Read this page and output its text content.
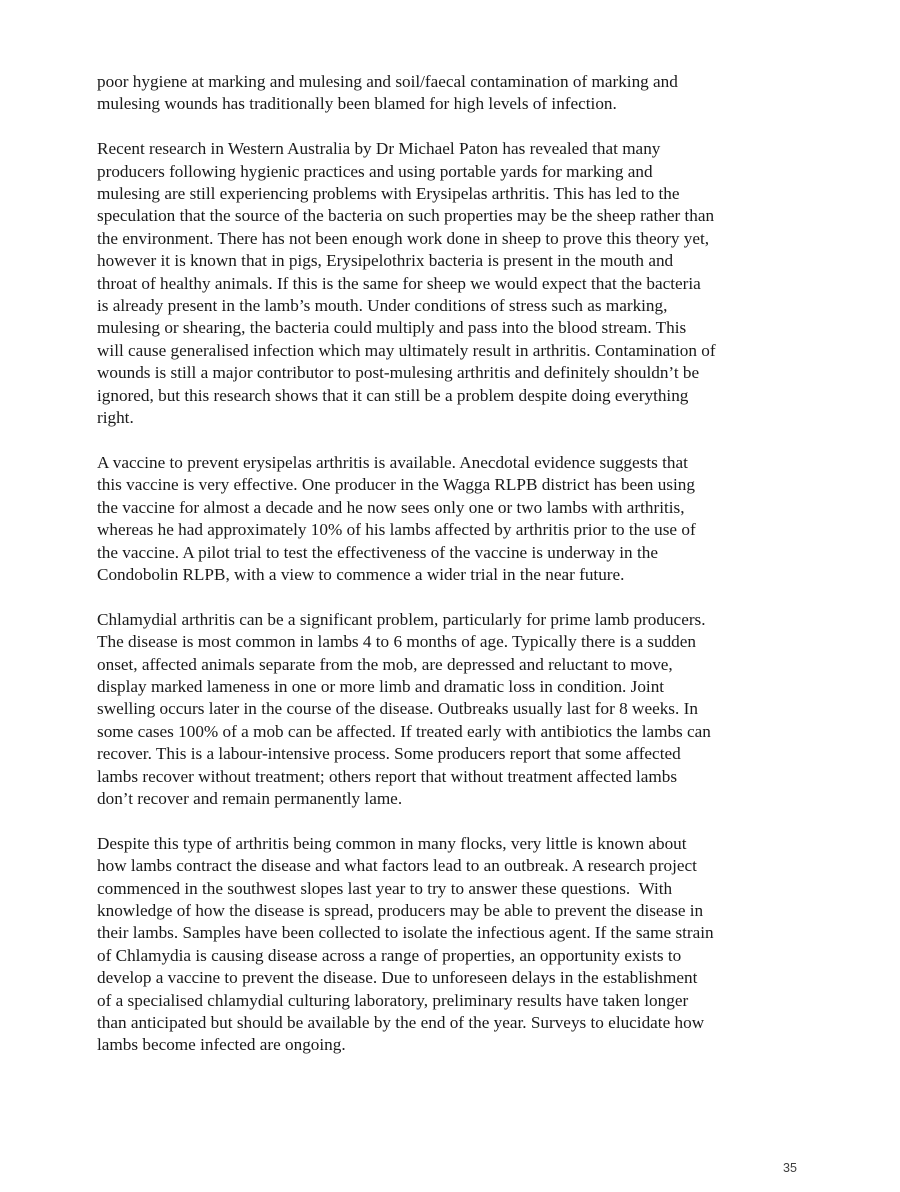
poor hygiene at marking and mulesing and soil/faecal contamination of marking and
mulesing wounds has traditionally been blamed for high levels of infection.
Recent research in Western Australia by Dr Michael Paton has revealed that many
producers following hygienic practices and using portable yards for marking and
mulesing are still experiencing problems with Erysipelas arthritis. This has led to the
speculation that the source of the bacteria on such properties may be the sheep rather than
the environment. There has not been enough work done in sheep to prove this theory yet,
however it is known that in pigs, Erysipelothrix bacteria is present in the mouth and
throat of healthy animals. If this is the same for sheep we would expect that the bacteria
is already present in the lamb’s mouth. Under conditions of stress such as marking,
mulesing or shearing, the bacteria could multiply and pass into the blood stream. This
will cause generalised infection which may ultimately result in arthritis. Contamination of
wounds is still a major contributor to post-mulesing arthritis and definitely shouldn’t be
ignored, but this research shows that it can still be a problem despite doing everything
right.
A vaccine to prevent erysipelas arthritis is available. Anecdotal evidence suggests that
this vaccine is very effective. One producer in the Wagga RLPB district has been using
the vaccine for almost a decade and he now sees only one or two lambs with arthritis,
whereas he had approximately 10% of his lambs affected by arthritis prior to the use of
the vaccine. A pilot trial to test the effectiveness of the vaccine is underway in the
Condobolin RLPB, with a view to commence a wider trial in the near future.
Chlamydial arthritis can be a significant problem, particularly for prime lamb producers.
The disease is most common in lambs 4 to 6 months of age. Typically there is a sudden
onset, affected animals separate from the mob, are depressed and reluctant to move,
display marked lameness in one or more limb and dramatic loss in condition. Joint
swelling occurs later in the course of the disease. Outbreaks usually last for 8 weeks. In
some cases 100% of a mob can be affected. If treated early with antibiotics the lambs can
recover. This is a labour-intensive process. Some producers report that some affected
lambs recover without treatment; others report that without treatment affected lambs
don’t recover and remain permanently lame.
Despite this type of arthritis being common in many flocks, very little is known about
how lambs contract the disease and what factors lead to an outbreak. A research project
commenced in the southwest slopes last year to try to answer these questions.  With
knowledge of how the disease is spread, producers may be able to prevent the disease in
their lambs. Samples have been collected to isolate the infectious agent. If the same strain
of Chlamydia is causing disease across a range of properties, an opportunity exists to
develop a vaccine to prevent the disease. Due to unforeseen delays in the establishment
of a specialised chlamydial culturing laboratory, preliminary results have taken longer
than anticipated but should be available by the end of the year. Surveys to elucidate how
lambs become infected are ongoing.
35
